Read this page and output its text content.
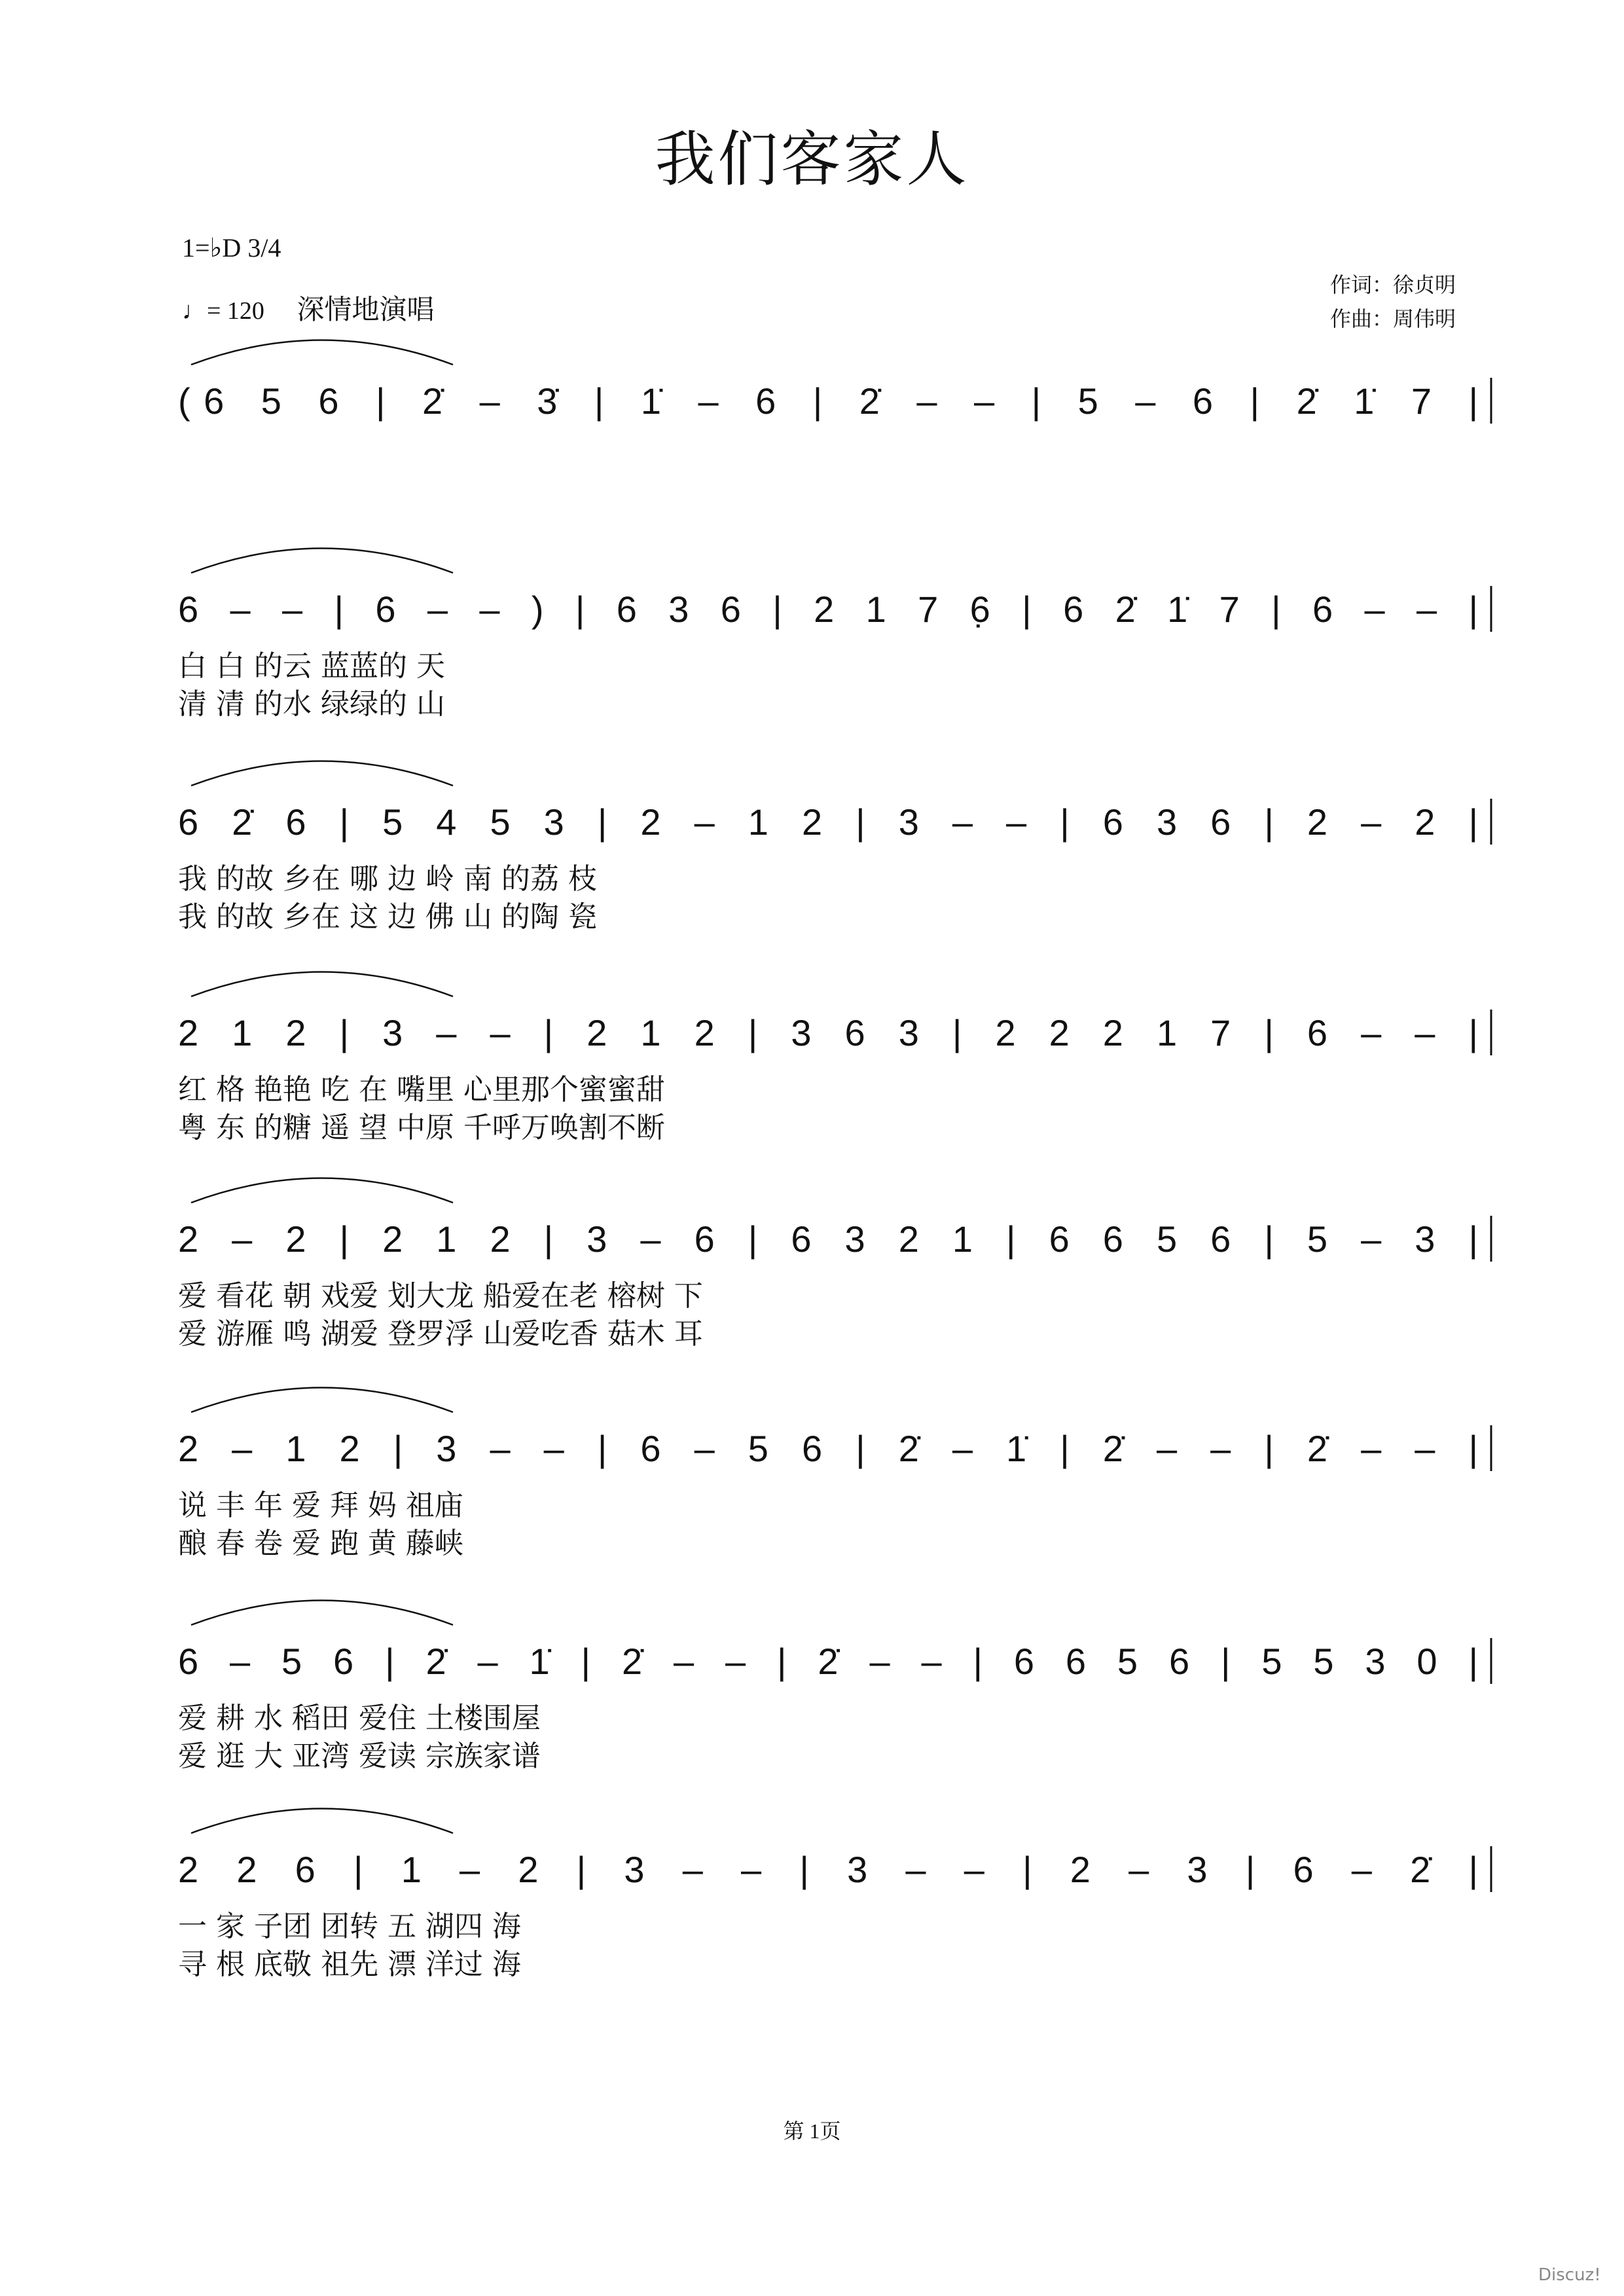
我们客家人
1=♭D 3/4
♩= 120 深情地演唱
作词：徐贞明
作曲：周伟明
(6 5 6 | 2̇ – 3̇ | 1̇ – 6 | 2̇ – – | 5 – 6 | 2̇ 1̇ 7 |
6 – – | 6 – – ) | 6 3 6 | 2 1 7 6̣ | 6 2̇ 1̇ 7 | 6 – – |
白 白 的云 蓝蓝的 天
清 清 的水 绿绿的 山
6 2̇ 6 | 5 4 5 3 | 2 – 1 2 | 3 – – | 6 3 6 | 2 – 2 |
我 的故 乡在 哪 边 岭 南 的荔 枝
我 的故 乡在 这 边 佛 山 的陶 瓷
2 1 2 | 3 – – | 2 1 2 | 3 6 3 | 2 2 2 1 7 | 6 – – |
红 格 艳艳 吃 在 嘴里 心里那个蜜蜜甜
粤 东 的糖 遥 望 中原 千呼万唤割不断
2 – 2 | 2 1 2 | 3 – 6 | 6 3 2 1 | 6 6 5 6 | 5 – 3 |
爱 看花 朝 戏爱 划大龙 船爱在老 榕树 下
爱 游雁 鸣 湖爱 登罗浮 山爱吃香 菇木 耳
2 – 1 2 | 3 – – | 6 – 5 6 | 2̇ – 1̇ | 2̇ – – | 2̇ – – |
说 丰 年 爱 拜 妈 祖庙
酿 春 卷 爱 跑 黄 藤峡
6 – 5 6 | 2̇ – 1̇ | 2̇ – – | 2̇ – – | 6 6 5 6 | 5 5 3 0 |
爱 耕 水 稻田 爱住 土楼围屋
爱 逛 大 亚湾 爱读 宗族家谱
2 2 6 | 1 – 2 | 3 – – | 3 – – | 2 – 3 | 6 – 2̇ |
一 家 子团 团转 五 湖四 海
寻 根 底敬 祖先 漂 洋过 海
第 1页
Discuz!
